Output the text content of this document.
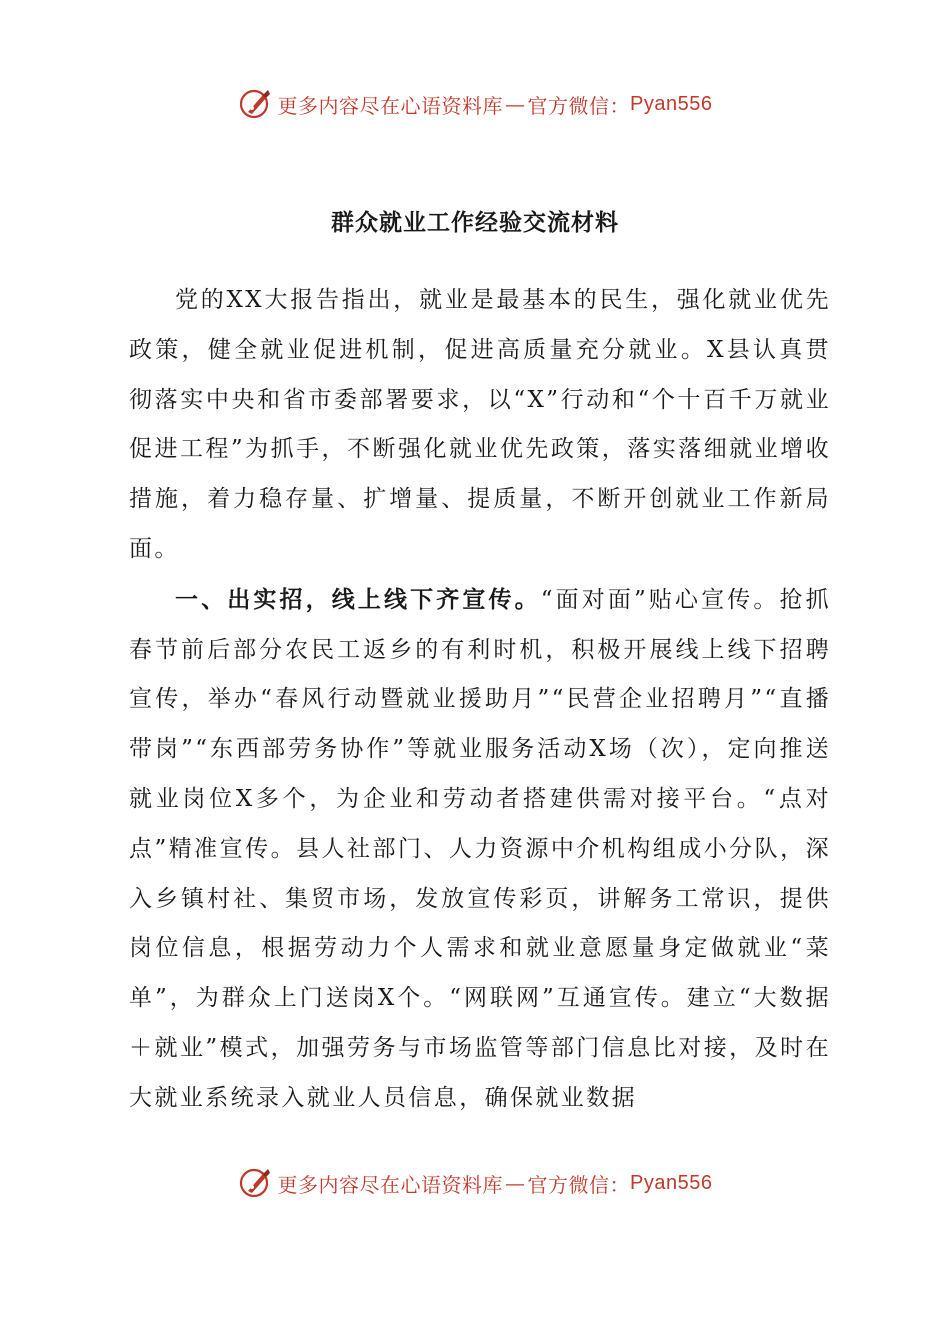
更多内容尽在心语资料库 — 官方微信： Pyan556
群众就业工作经验交流材料

党的XX大报告指出，就业是最基本的民生，强化就业优先政策，健全就业促进机制，促进高质量充分就业。X县认真贯彻落实中央和省市委部署要求，以“X”行动和“个十百千万就业促进工程”为抓手，不断强化就业优先政策，落实落细就业增收措施，着力稳存量、扩增量、提质量，不断开创就业工作新局面。

一、出实招，线上线下齐宣传。“面对面”贴心宣传。抢抓春节前后部分农民工返乡的有利时机，积极开展线上线下招聘宣传，举办“春风行动暨就业援助月”“民营企业招聘月”“直播带岗”“东西部劳务协作”等就业服务活动X场（次），定向推送就业岗位X多个，为企业和劳动者搭建供需对接平台。“点对点”精准宣传。县人社部门、人力资源中介机构组成小分队，深入乡镇村社、集贸市场，发放宣传彩页，讲解务工常识，提供岗位信息，根据劳动力个人需求和就业意愿量身定做就业“菜单”，为群众上门送岗X个。“网联网”互通宣传。建立“大数据＋就业”模式，加强劳务与市场监管等部门信息比对接，及时在大就业系统录入就业人员信息，确保就业数据

更多内容尽在心语资料库 — 官方微信： Pyan556
